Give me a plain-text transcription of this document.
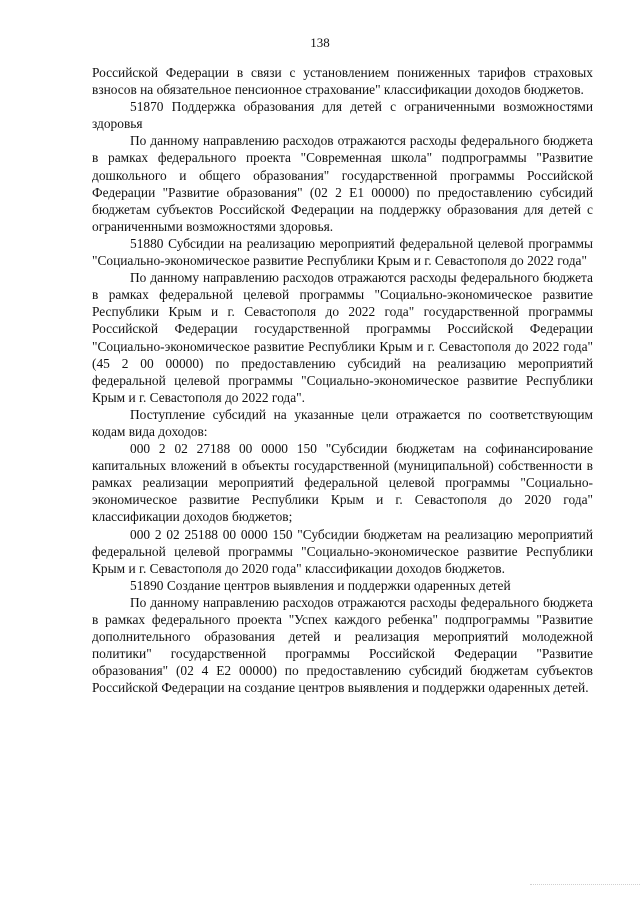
138

Российской Федерации в связи с установлением пониженных тарифов страховых взносов на обязательное пенсионное страхование" классификации доходов бюджетов.

51870 Поддержка образования для детей с ограниченными возможностями здоровья

По данному направлению расходов отражаются расходы федерального бюджета в рамках федерального проекта "Современная школа" подпрограммы "Развитие дошкольного и общего образования" государственной программы Российской Федерации "Развитие образования" (02 2 E1 00000) по предоставлению субсидий бюджетам субъектов Российской Федерации на поддержку образования для детей с ограниченными возможностями здоровья.

51880 Субсидии на реализацию мероприятий федеральной целевой программы "Социально-экономическое развитие Республики Крым и г. Севастополя до 2022 года"

По данному направлению расходов отражаются расходы федерального бюджета в рамках федеральной целевой программы "Социально-экономическое развитие Республики Крым и г. Севастополя до 2022 года" государственной программы Российской Федерации государственной программы Российской Федерации "Социально-экономическое развитие Республики Крым и г. Севастополя до 2022 года" (45 2 00 00000) по предоставлению субсидий на реализацию мероприятий федеральной целевой программы "Социально-экономическое развитие Республики Крым и г. Севастополя до 2022 года".

Поступление субсидий на указанные цели отражается по соответствующим кодам вида доходов:

000 2 02 27188 00 0000 150 "Субсидии бюджетам на софинансирование капитальных вложений в объекты государственной (муниципальной) собственности в рамках реализации мероприятий федеральной целевой программы "Социально-экономическое развитие Республики Крым и г. Севастополя до 2020 года" классификации доходов бюджетов;

000 2 02 25188 00 0000 150 "Субсидии бюджетам на реализацию мероприятий федеральной целевой программы "Социально-экономическое развитие Республики Крым и г. Севастополя до 2020 года" классификации доходов бюджетов.

51890 Создание центров выявления и поддержки одаренных детей

По данному направлению расходов отражаются расходы федерального бюджета в рамках федерального проекта "Успех каждого ребенка" подпрограммы "Развитие дополнительного образования детей и реализация мероприятий молодежной политики" государственной программы Российской Федерации "Развитие образования" (02 4 E2 00000) по предоставлению субсидий бюджетам субъектов Российской Федерации на создание центров выявления и поддержки одаренных детей.
